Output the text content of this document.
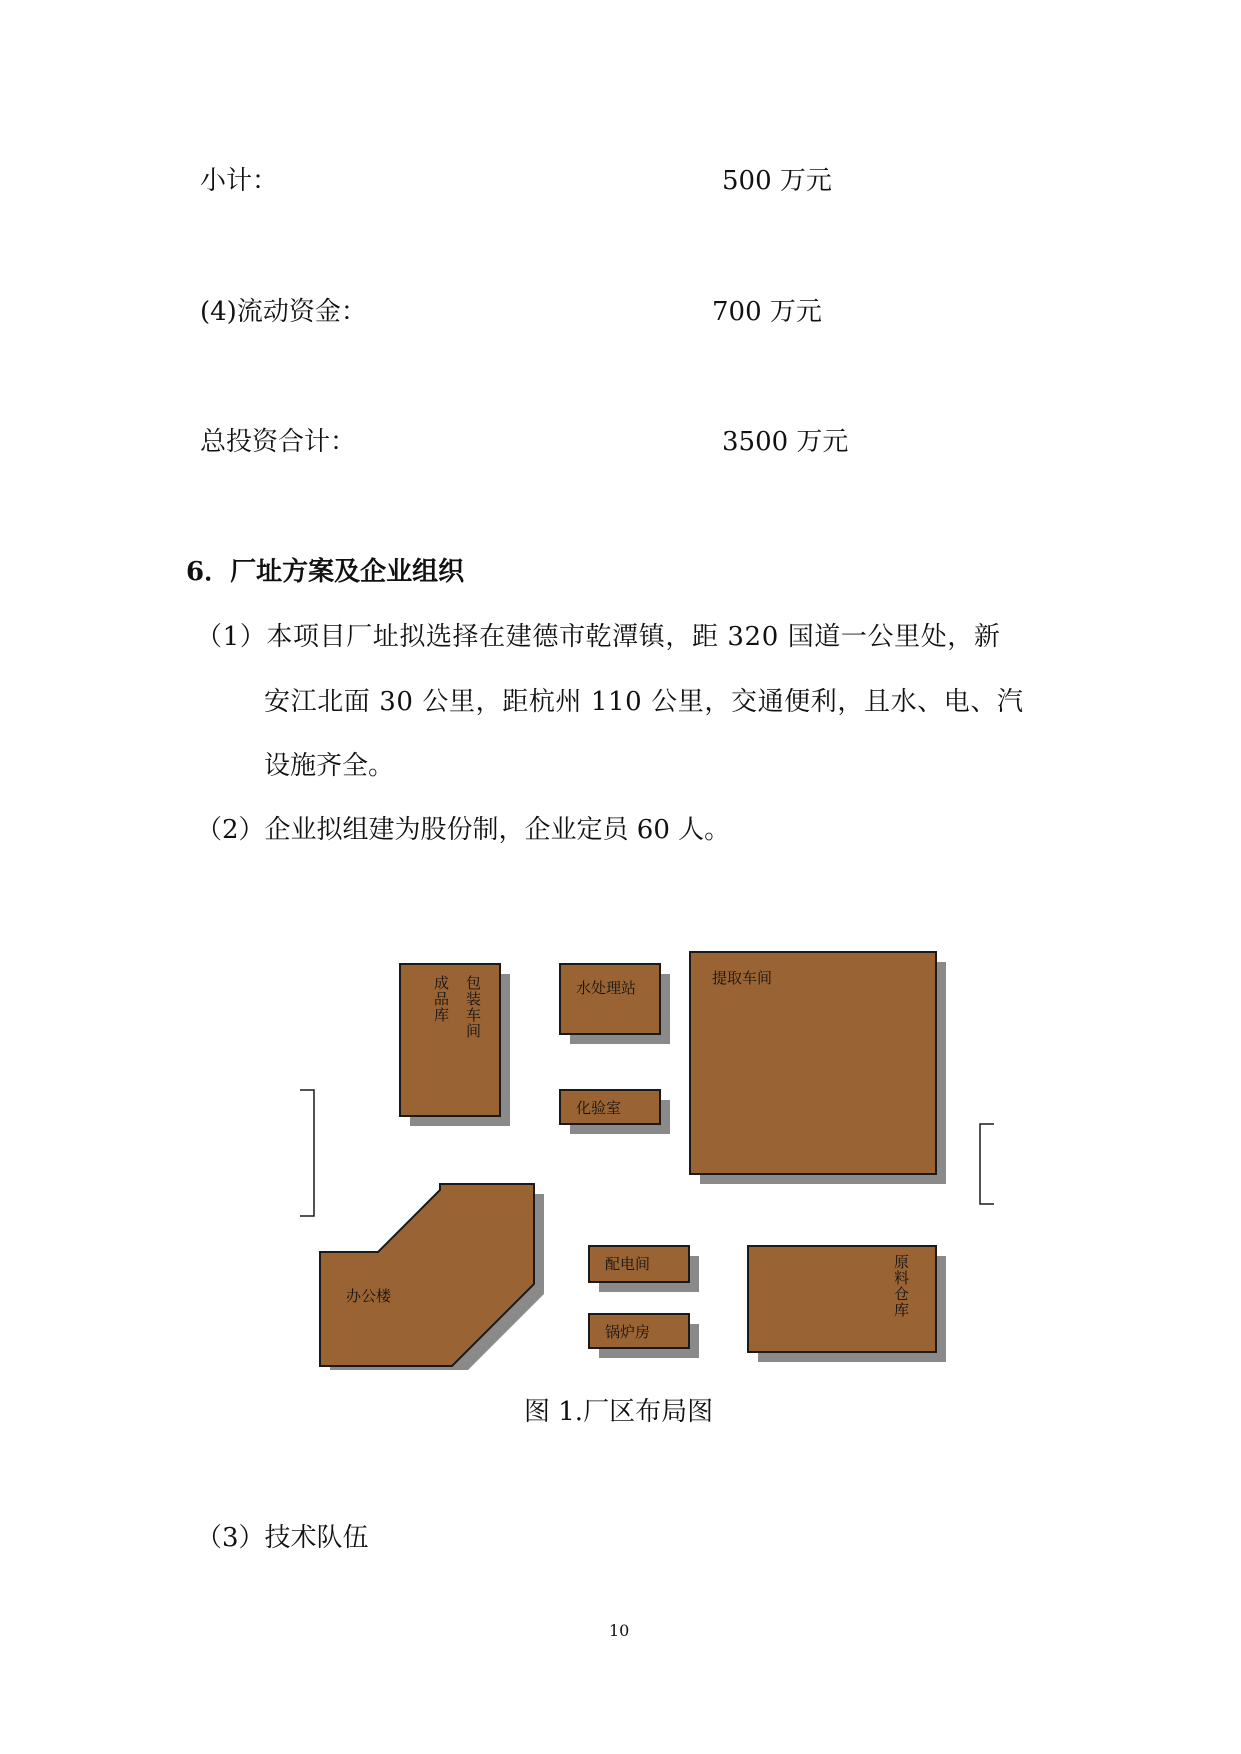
小计：	500 万元
(4)流动资金：	700 万元
总投资合计：	3500 万元
6．厂址方案及企业组织
（1）本项目厂址拟选择在建德市乾潭镇，距 320 国道一公里处，新
安江北面 30 公里，距杭州 110 公里，交通便利，且水、电、汽
设施齐全。
（2）企业拟组建为股份制，企业定员 60 人。
成 品 库
包 装 车 间
水处理站
化验室
提取车间
办公楼
配电间
锅炉房
原 料 仓 库
图 1.厂区布局图
（3）技术队伍
10
